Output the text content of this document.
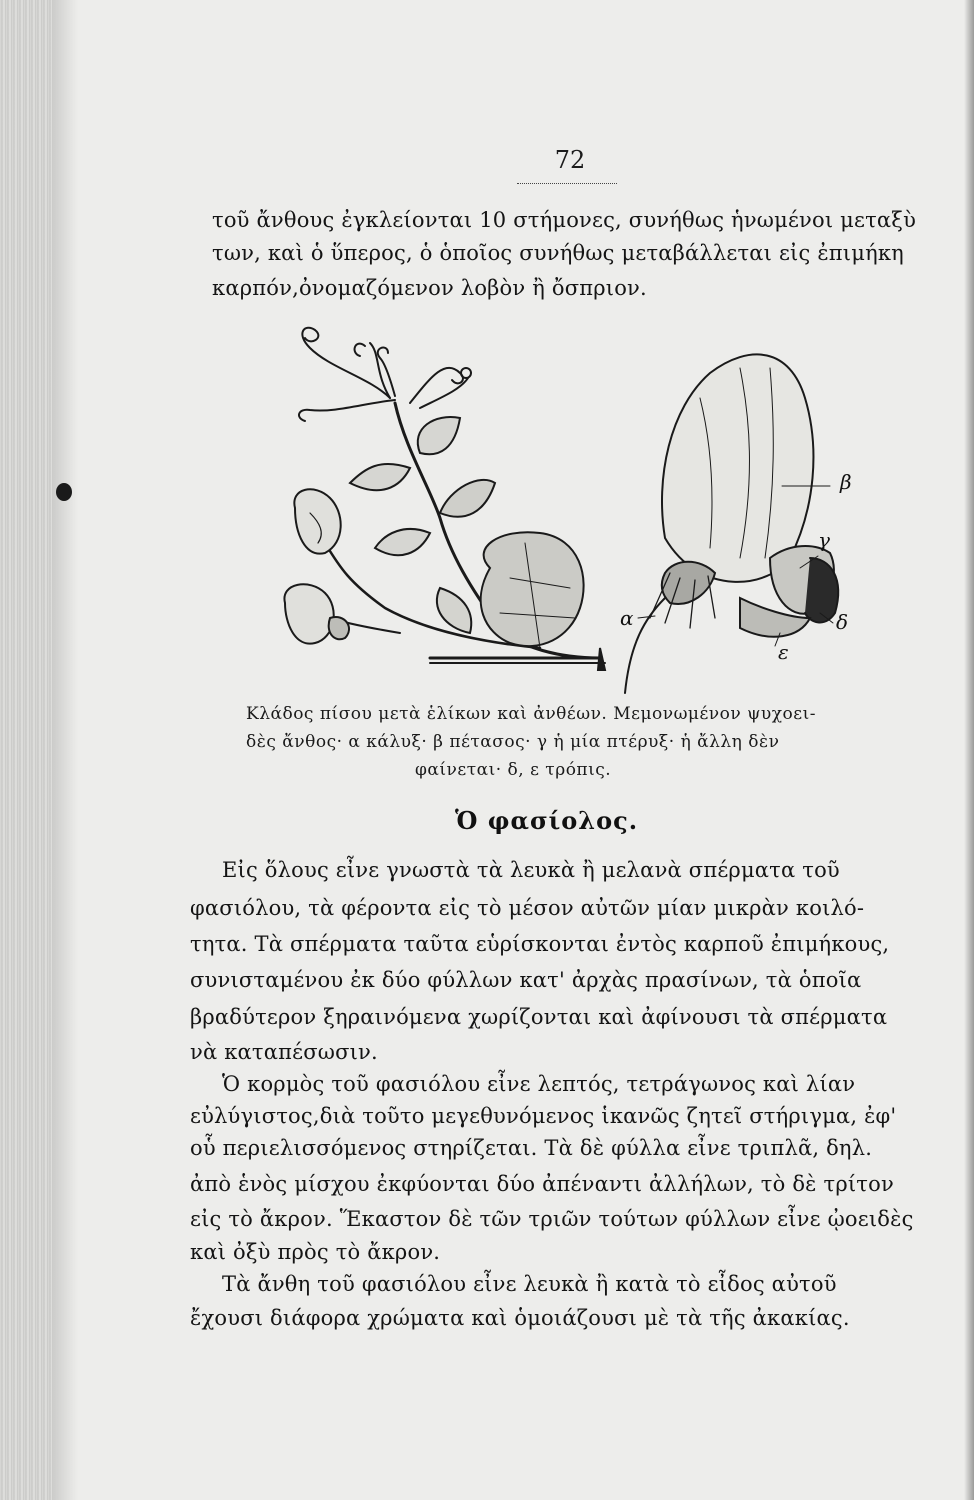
72
τοῦ ἄνθους ἐγκλείονται 10 στήμονες, συνήθως ἡνωμένοι μεταξὺ
των, καὶ ὁ ὕπερος, ὁ ὁποῖος συνήθως μεταβάλλεται εἰς ἐπιμήκη
καρπόν,ὀνομαζόμενον λοβὸν ἢ ὄσπριον.
β
γ
δ
ε
α
Κλάδος πίσου μετὰ ἑλίκων καὶ ἀνθέων. Μεμονωμένον ψυχοει-
δὲς ἄνθος· α κάλυξ· β πέτασος· γ ἡ μία πτέρυξ· ἡ ἄλλη δὲν
φαίνεται· δ, ε τρόπις.
Ὁ φασίολος.
Εἰς ὅλους εἶνε γνωστὰ τὰ λευκὰ ἢ μελανὰ σπέρματα τοῦ
φασιόλου, τὰ φέροντα εἰς τὸ μέσον αὐτῶν μίαν μικρὰν κοιλό-
τητα. Τὰ σπέρματα ταῦτα εὑρίσκονται ἐντὸς καρποῦ ἐπιμήκους,
συνισταμένου ἐκ δύο φύλλων κατ' ἀρχὰς πρασίνων, τὰ ὁποῖα
βραδύτερον ξηραινόμενα χωρίζονται καὶ ἀφίνουσι τὰ σπέρματα
νὰ καταπέσωσιν.
Ὁ κορμὸς τοῦ φασιόλου εἶνε λεπτός, τετράγωνος καὶ λίαν
εὐλύγιστος,διὰ τοῦτο μεγεθυνόμενος ἱκανῶς ζητεῖ στήριγμα, ἐφ'
οὗ περιελισσόμενος στηρίζεται. Τὰ δὲ φύλλα εἶνε τριπλᾶ, δηλ.
ἀπὸ ἑνὸς μίσχου ἐκφύονται δύο ἀπέναντι ἀλλήλων, τὸ δὲ τρίτον
εἰς τὸ ἄκρον. Ἕκαστον δὲ τῶν τριῶν τούτων φύλλων εἶνε ᾠοειδὲς
καὶ ὀξὺ πρὸς τὸ ἄκρον.
Τὰ ἄνθη τοῦ φασιόλου εἶνε λευκὰ ἢ κατὰ τὸ εἶδος αὐτοῦ
ἔχουσι διάφορα χρώματα καὶ ὁμοιάζουσι μὲ τὰ τῆς ἀκακίας.
